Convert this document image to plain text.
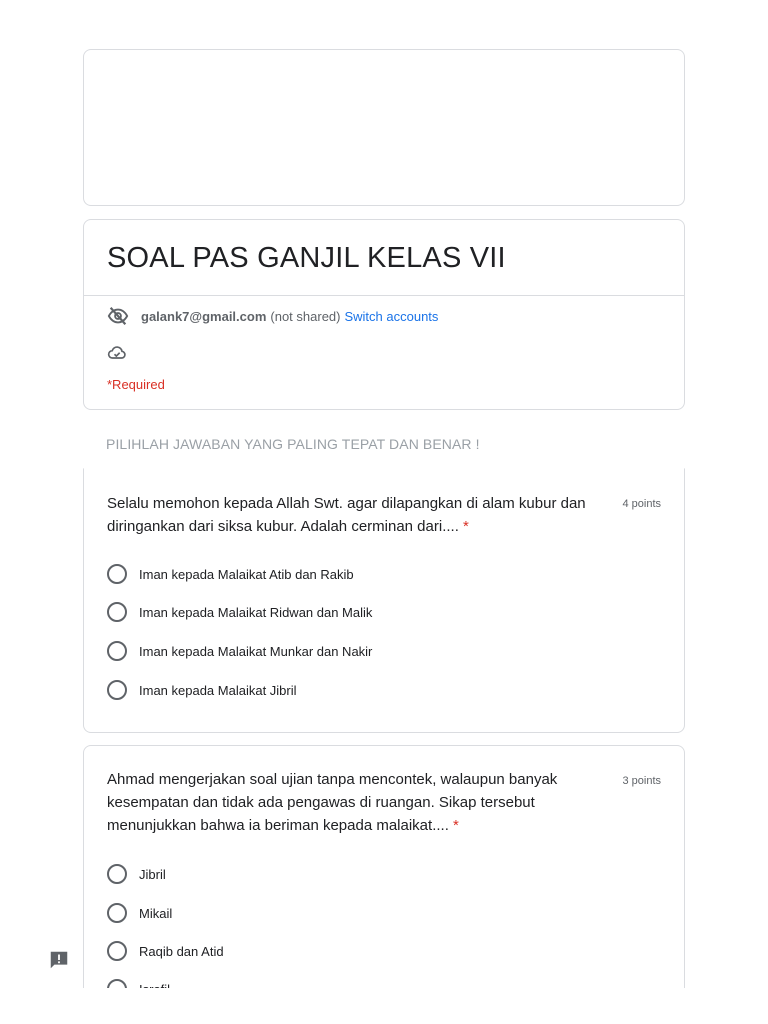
SOAL PAS GANJIL KELAS VII
galank7@gmail.com (not shared) Switch accounts
*Required
PILIHLAH JAWABAN YANG PALING TEPAT DAN BENAR !
Selalu memohon kepada Allah Swt. agar dilapangkan di alam kubur dan diringankan dari siksa kubur. Adalah cerminan dari.... *
4 points
Iman kepada Malaikat Atib dan Rakib
Iman kepada Malaikat Ridwan dan Malik
Iman kepada Malaikat Munkar dan Nakir
Iman kepada Malaikat Jibril
Ahmad mengerjakan soal ujian tanpa mencontek, walaupun banyak kesempatan dan tidak ada pengawas di ruangan. Sikap tersebut menunjukkan bahwa ia beriman kepada malaikat.... *
3 points
Jibril
Mikail
Raqib dan Atid
